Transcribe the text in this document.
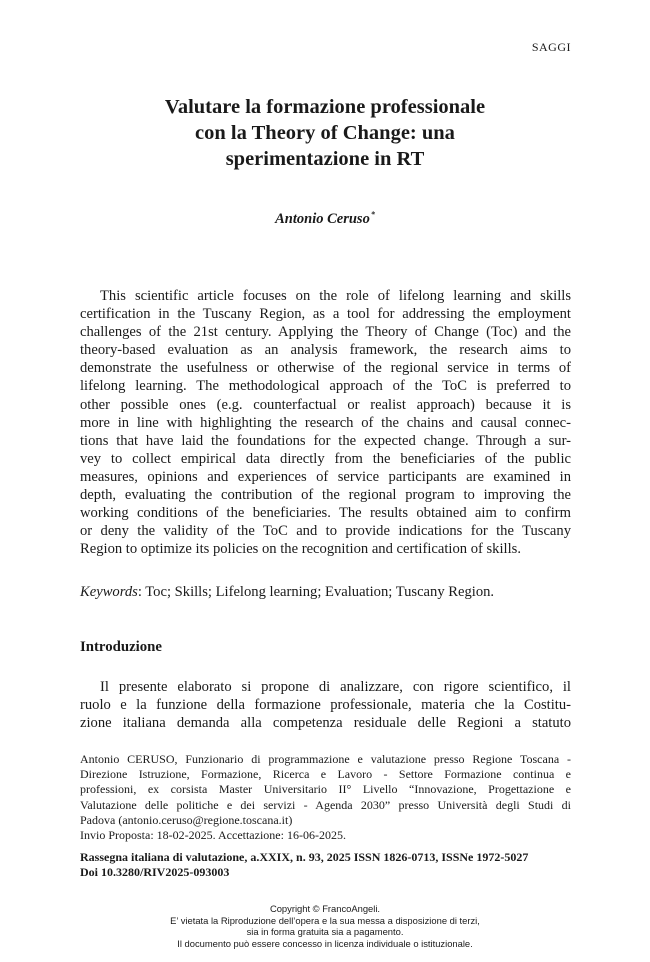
SAGGI
Valutare la formazione professionale
con la Theory of Change: una
sperimentazione in RT
Antonio Ceruso*
This scientific article focuses on the role of lifelong learning and skills
certification in the Tuscany Region, as a tool for addressing the employment
challenges of the 21st century. Applying the Theory of Change (Toc) and the
theory-based evaluation as an analysis framework, the research aims to
demonstrate the usefulness or otherwise of the regional service in terms of
lifelong learning. The methodological approach of the ToC is preferred to
other possible ones (e.g. counterfactual or realist approach) because it is
more in line with highlighting the research of the chains and causal connec-
tions that have laid the foundations for the expected change. Through a sur-
vey to collect empirical data directly from the beneficiaries of the public
measures, opinions and experiences of service participants are examined in
depth, evaluating the contribution of the regional program to improving the
working conditions of the beneficiaries. The results obtained aim to confirm
or deny the validity of the ToC and to provide indications for the Tuscany
Region to optimize its policies on the recognition and certification of skills.
Keywords: Toc; Skills; Lifelong learning; Evaluation; Tuscany Region.
Introduzione
Il presente elaborato si propone di analizzare, con rigore scientifico, il
ruolo e la funzione della formazione professionale, materia che la Costitu-
zione italiana demanda alla competenza residuale delle Regioni a statuto
Antonio CERUSO, Funzionario di programmazione e valutazione presso Regione Toscana -
Direzione Istruzione, Formazione, Ricerca e Lavoro - Settore Formazione continua e
professioni, ex corsista Master Universitario II° Livello “Innovazione, Progettazione e
Valutazione delle politiche e dei servizi - Agenda 2030” presso Università degli Studi di
Padova (antonio.ceruso@regione.toscana.it)
Invio Proposta: 18-02-2025. Accettazione: 16-06-2025.
Rassegna italiana di valutazione, a.XXIX, n. 93, 2025 ISSN 1826-0713, ISSNe 1972-5027
Doi 10.3280/RIV2025-093003
Copyright © FrancoAngeli.
E’ vietata la Riproduzione dell’opera e la sua messa a disposizione di terzi,
sia in forma gratuita sia a pagamento.
Il documento può essere concesso in licenza individuale o istituzionale.
